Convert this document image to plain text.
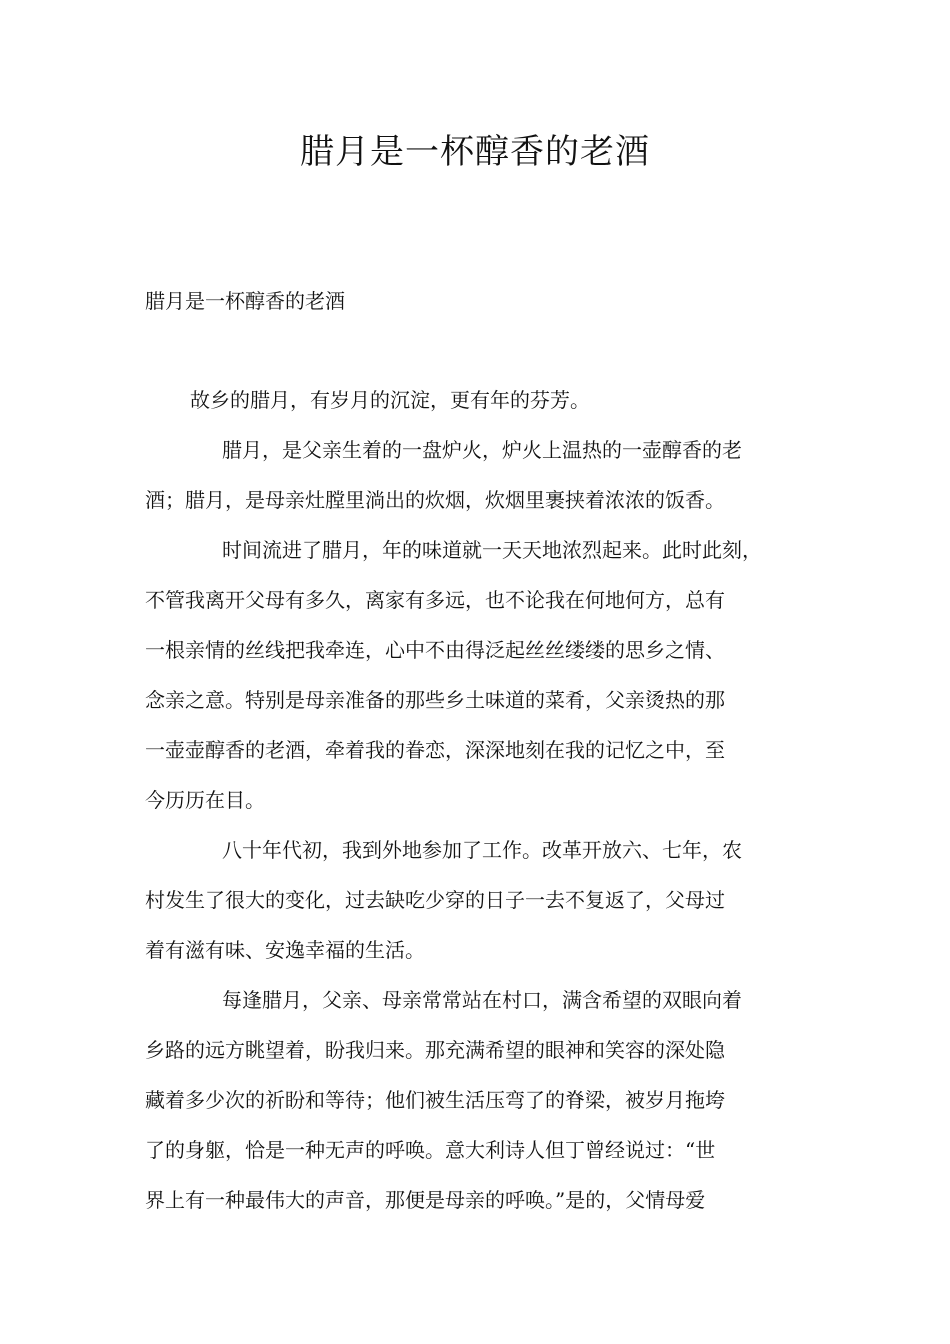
腊月是一杯醇香的老酒

腊月是一杯醇香的老酒

故乡的腊月，有岁月的沉淀，更有年的芬芳。

腊月，是父亲生着的一盘炉火，炉火上温热的一壶醇香的老

酒；腊月，是母亲灶膛里淌出的炊烟，炊烟里裹挟着浓浓的饭香。

时间流进了腊月，年的味道就一天天地浓烈起来。此时此刻，

不管我离开父母有多久，离家有多远，也不论我在何地何方，总有

一根亲情的丝线把我牵连，心中不由得泛起丝丝缕缕的思乡之情、

念亲之意。特别是母亲准备的那些乡土味道的菜肴，父亲烫热的那

一壶壶醇香的老酒，牵着我的眷恋，深深地刻在我的记忆之中，至

今历历在目。

八十年代初，我到外地参加了工作。改革开放六、七年，农

村发生了很大的变化，过去缺吃少穿的日子一去不复返了，父母过

着有滋有味、安逸幸福的生活。

每逢腊月，父亲、母亲常常站在村口，满含希望的双眼向着

乡路的远方眺望着，盼我归来。那充满希望的眼神和笑容的深处隐

藏着多少次的祈盼和等待；他们被生活压弯了的脊梁，被岁月拖垮

了的身躯，恰是一种无声的呼唤。意大利诗人但丁曾经说过：“世

界上有一种最伟大的声音，那便是母亲的呼唤。”是的，父情母爱
